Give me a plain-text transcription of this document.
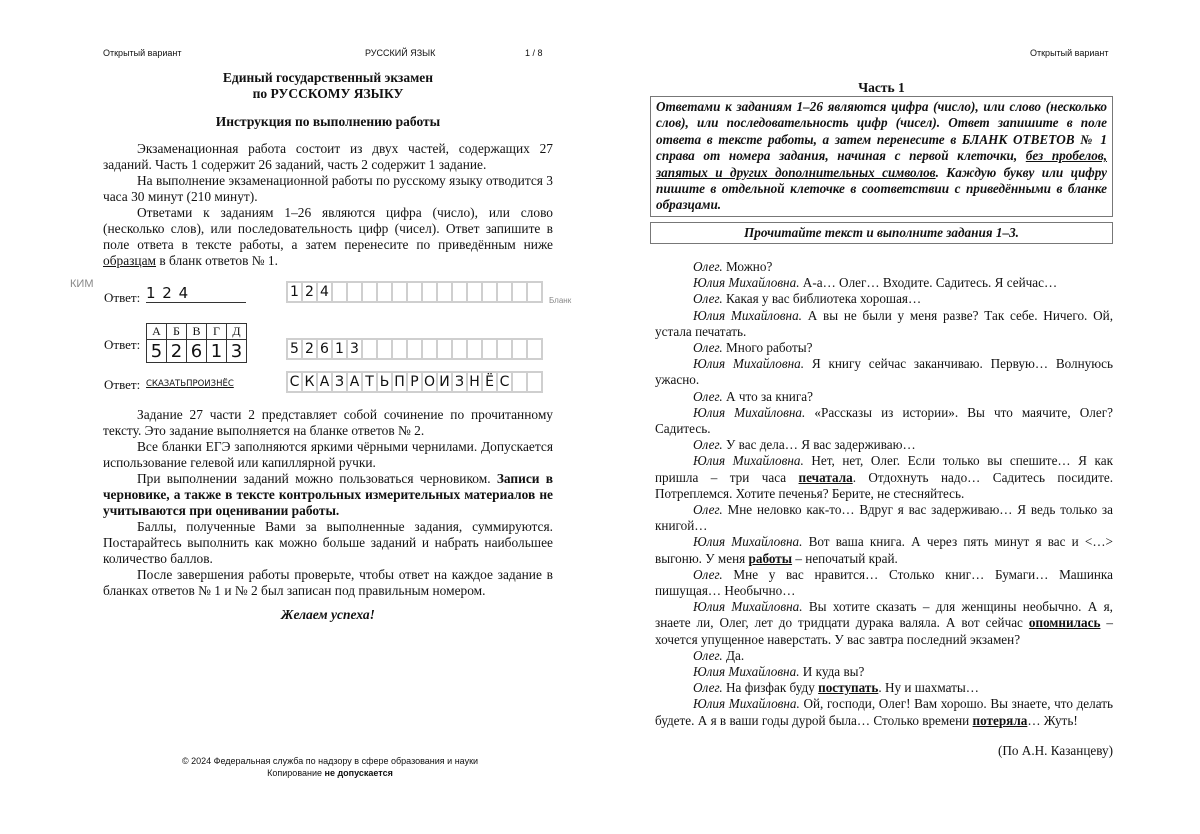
Открытый вариант	РУССКИЙ ЯЗЫК	1 / 8
Единый государственный экзамен
по РУССКОМУ ЯЗЫКУ
Инструкция по выполнению работы

Экзаменационная работа состоит из двух частей, содержащих 27 заданий. Часть 1 содержит 26 заданий, часть 2 содержит 1 задание.

На выполнение экзаменационной работы по русскому языку отводится 3 часа 30 минут (210 минут).

Ответами к заданиям 1–26 являются цифра (число), или слово (несколько слов), или последовательность цифр (чисел). Ответ запишите в поле ответа в тексте работы, а затем перенесите по приведённым ниже образцам в бланк ответов № 1.

КИМ
Бланк
Ответ: 1 2 4	1 2 4
Ответ:
А	Б	В	Г	Д
5	2	6	1	3	5 2 6 1 3
Ответ: СКАЗАТЬПРОИЗНЁС	С К А З А Т Ь П Р О И З Н Ё С

Задание 27 части 2 представляет собой сочинение по прочитанному тексту. Это задание выполняется на бланке ответов № 2.

Все бланки ЕГЭ заполняются яркими чёрными чернилами. Допускается использование гелевой или капиллярной ручки.

При выполнении заданий можно пользоваться черновиком. Записи в черновике, а также в тексте контрольных измерительных материалов не учитываются при оценивании работы.

Баллы, полученные Вами за выполненные задания, суммируются. Постарайтесь выполнить как можно больше заданий и набрать наибольшее количество баллов.

После завершения работы проверьте, чтобы ответ на каждое задание в бланках ответов № 1 и № 2 был записан под правильным номером.

Желаем успеха!
© 2024 Федеральная служба по надзору в сфере образования и науки
Копирование не допускается
Открытый вариант
Часть 1
Ответами к заданиям 1–26 являются цифра (число), или слово (несколько слов), или последовательность цифр (чисел). Ответ запишите в поле ответа в тексте работы, а затем перенесите в БЛАНК ОТВЕТОВ № 1 справа от номера задания, начиная с первой клеточки, без пробелов, запятых и других дополнительных символов. Каждую букву или цифру пишите в отдельной клеточке в соответствии с приведёнными в бланке образцами.
Прочитайте текст и выполните задания 1–3.

Олег. Можно?

Юлия Михайловна. А-а… Олег… Входите. Садитесь. Я сейчас…

Олег. Какая у вас библиотека хорошая…

Юлия Михайловна. А вы не были у меня разве? Так себе. Ничего. Ой, устала печатать.

Олег. Много работы?

Юлия Михайловна. Я книгу сейчас заканчиваю. Первую… Волнуюсь ужасно.

Олег. А что за книга?

Юлия Михайловна. «Рассказы из истории». Вы что маячите, Олег? Садитесь.

Олег. У вас дела… Я вас задерживаю…

Юлия Михайловна. Нет, нет, Олег. Если только вы спешите… Я как пришла – три часа печатала. Отдохнуть надо… Садитесь посидите. Потреплемся. Хотите печенья? Берите, не стесняйтесь.

Олег. Мне неловко как-то… Вдруг я вас задерживаю… Я ведь только за книгой…

Юлия Михайловна. Вот ваша книга. А через пять минут я вас и <…> выгоню. У меня работы – непочатый край.

Олег. Мне у вас нравится… Столько книг… Бумаги… Машинка пишущая… Необычно…

Юлия Михайловна. Вы хотите сказать – для женщины необычно. А я, знаете ли, Олег, лет до тридцати дурака валяла. А вот сейчас опомнилась – хочется упущенное наверстать. У вас завтра последний экзамен?

Олег. Да.

Юлия Михайловна. И куда вы?

Олег. На физфак буду поступать. Ну и шахматы…

Юлия Михайловна. Ой, господи, Олег! Вам хорошо. Вы знаете, что делать будете. А я в ваши годы дурой была… Столько времени потеряла… Жуть!

(По А.Н. Казанцеву)
